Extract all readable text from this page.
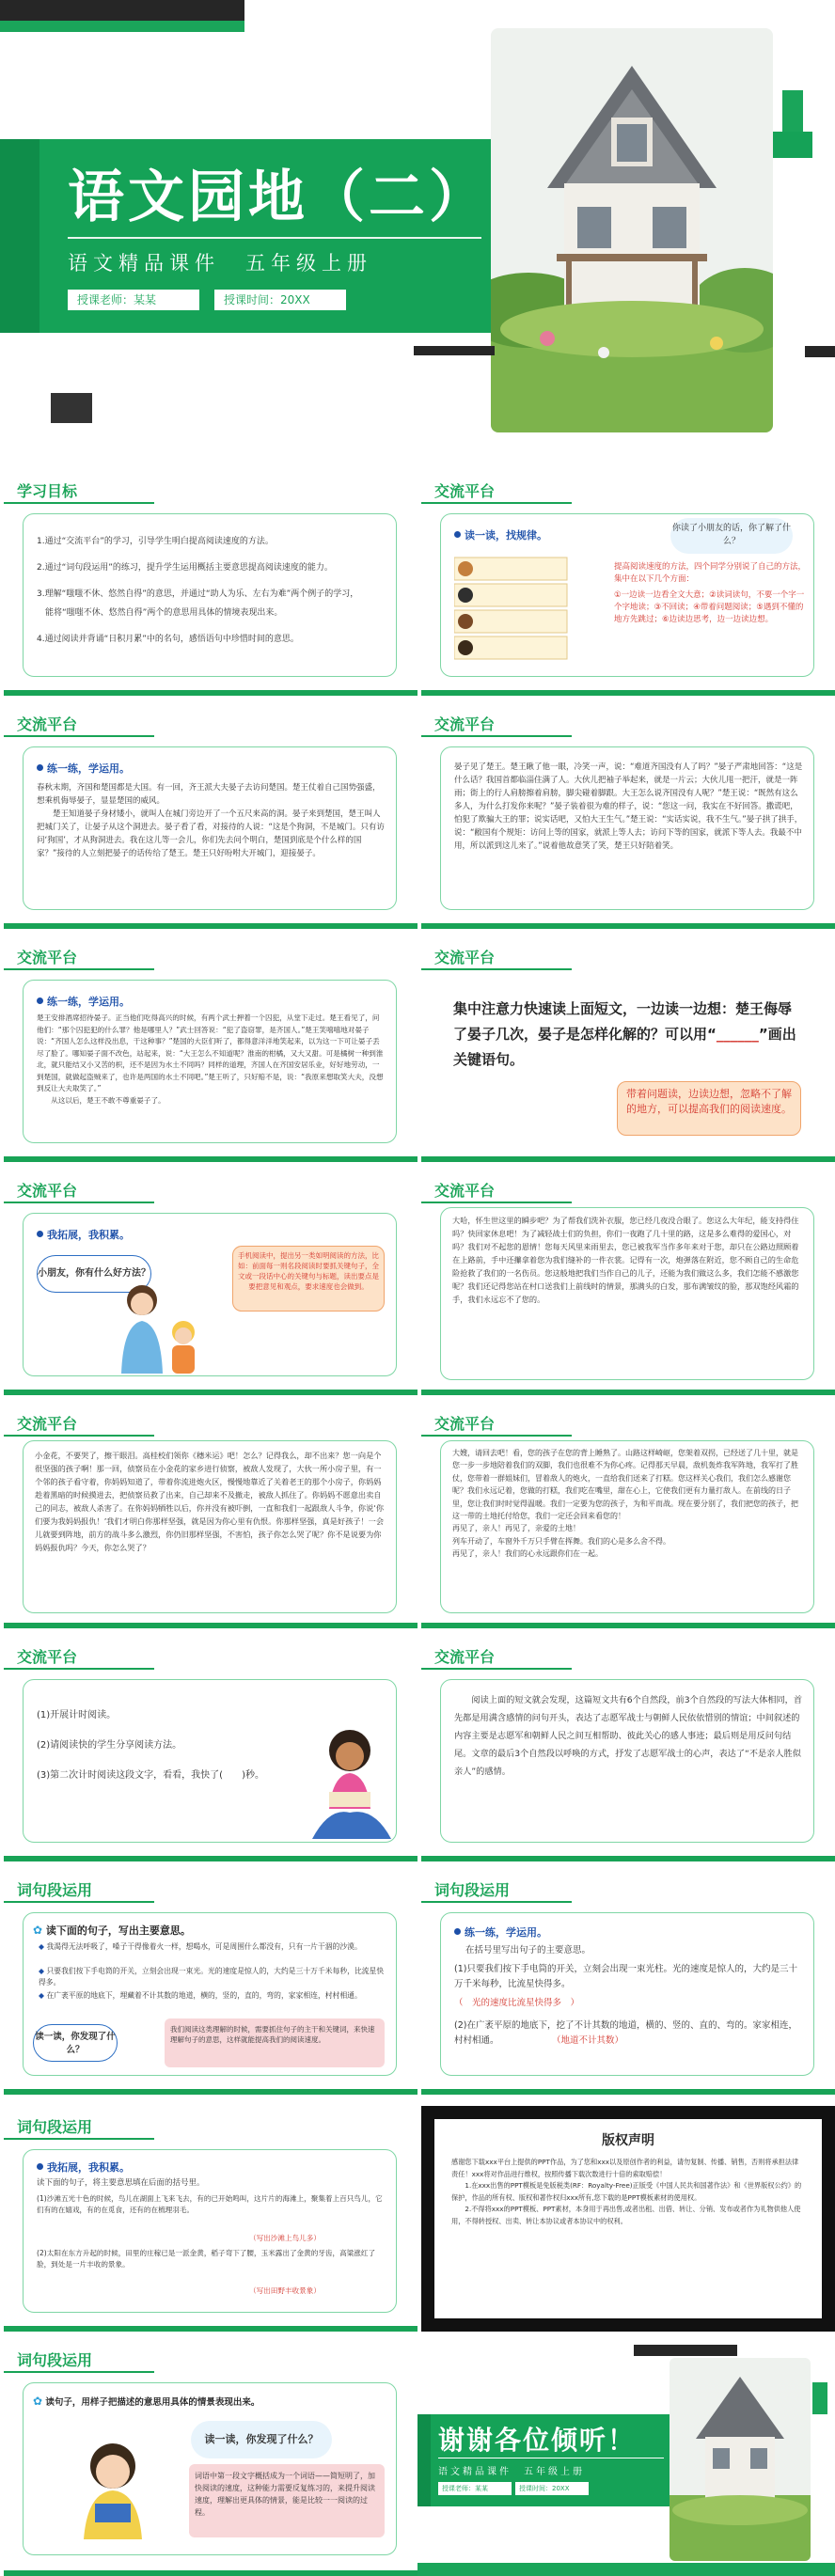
语文园地（二）
语文精品课件　五年级上册
授课老师：某某	授课时间：20XX
学习目标
1.通过“交流平台”的学习，引导学生明白提高阅读速度的方法。
2.通过“词句段运用”的练习，提升学生运用概括主要意思提高阅读速度的能力。
3.理解“嗤嗤不休、悠然自得”的意思，并通过“助人为乐、左右为难”两个例子的学习，
　能将“嗤嗤不休、悠然自得”两个的意思用具体的情境表现出来。
4.通过阅读并背诵“日积月累”中的名句，感悟语句中珍惜时间的意思。
交流平台
读一读，找规律。
你读了小朋友的话，你了解了什么？
提高阅读速度的方法，四个同学分别说了自己的方法，集中在以下几个方面：
①一边读一边看全文大意；②读词读句，不要一个字一个字地读；③不回读；④带着问题阅读；⑤遇到不懂的地方先跳过；⑥边读边思考，边一边读边想。
交流平台
练一练，学运用。
春秋末期，齐国和楚国都是大国。有一回，齐王派大夫晏子去访问楚国。楚王仗着自己国势强盛，想乘机侮辱晏子，显显楚国的威风。
　　楚王知道晏子身材矮小，就叫人在城门旁边开了一个五尺来高的洞。晏子来到楚国，楚王叫人把城门关了，让晏子从这个洞进去。晏子看了看，对接待的人说：“这是个狗洞，不是城门。只有访问‘狗国’，才从狗洞进去。我在这儿等一会儿，你们先去问个明白，楚国到底是个什么样的国家？”接待的人立刻把晏子的话传给了楚王。楚王只好吩咐大开城门，迎接晏子。
交流平台
晏子见了楚王。楚王瞅了他一眼，冷笑一声，说：“难道齐国没有人了吗？”晏子严肃地回答：“这是什么话？我国首都临淄住满了人。大伙儿把袖子举起来，就是一片云；大伙儿甩一把汗，就是一阵雨；街上的行人肩膀擦着肩膀，脚尖碰着脚跟。大王怎么说齐国没有人呢？”楚王说：“既然有这么多人，为什么打发你来呢？”晏子装着很为难的样子，说：“您这一问，我实在不好回答。撒谎吧，怕犯了欺骗大王的罪；说实话吧，又怕大王生气。”楚王说：“实话实说，我不生气。”晏子拱了拱手，说：“敝国有个规矩：访问上等的国家，就派上等人去；访问下等的国家，就派下等人去。我最不中用，所以派到这儿来了。”说着他故意笑了笑，楚王只好陪着笑。
交流平台
练一练，学运用。
楚王安排酒席招待晏子。正当他们吃得高兴的时候，有两个武士押着一个囚犯，从堂下走过。楚王看见了，问他们：“那个囚犯犯的什么罪？他是哪里人？”武士回答说：“犯了盗窃罪，是齐国人。”楚王笑嘻嘻地对晏子说：“齐国人怎么这样没出息，干这种事？”楚国的大臣们听了，都得意洋洋地笑起来，以为这一下可让晏子丢尽了脸了。哪知晏子面不改色，站起来，说：“大王怎么不知道呢？淮南的柑橘，又大又甜。可是橘树一种到淮北，就只能结又小又苦的枳，还不是因为水土不同吗？同样的道理，齐国人在齐国安居乐业，好好地劳动，一到楚国，就做起盗贼来了，也许是两国的水土不同吧。”楚王听了，只好赔不是，说：“我原来想取笑大夫，没想到反让大夫取笑了。”
　　从这以后，楚王不敢不尊重晏子了。
交流平台
集中注意力快速读上面短文，一边读一边想：楚王侮辱了晏子几次，晏子是怎样化解的？可以用“______”画出关键语句。
带着问题读，边读边想，忽略不了解的地方，可以提高我们的阅读速度。
交流平台
我拓展，我积累。
小朋友，你有什么好方法？
手机阅读中，提出另一类如明阅读的方法，比如：前面每一则名段阅读时要抓关键句子，全文或一段话中心的关键句与标题，读出要点是要把意见和观点，要求速度也会做到。
交流平台
大哈，怀生世这里的瞬步吧？为了帮我们洗补衣服，您已经几夜没合眼了。您这么大年纪，能支持得住吗？快回家休息吧！为了减轻战士们的负担，你们一夜跑了几十里的路，这是多么难得的爱国心，对吗？我们对不起您的恩情！您每天风里来雨里去，您已被我军当作多年来对于您，却只在公路边照顾着在上路前，手中还攥拿着您为我们缝补的一件衣裳。记得有一次，炮弹落在附近，您不顾自己的生命危险抢救了我们的一名伤员。您这般地把我们当作自己的儿子，还能为我们做这么多，我们怎能不感激您呢？我们还记得您站在村口送我们上前线时的情景，那满头的白发，那布满皱纹的脸，那双饱经风霜的手，我们永远忘不了您的。
交流平台
小金花，不要哭了，擦干眼泪。高桂校们领你《穗米运》吧！怎么？记得我么，却不出来？您一向是个很坚强的孩子啊！那一回，侦察员在小金花的家乡进行侦察，被敌人发现了，大伙一所小房子里，有一个邻的孩子看守着，你妈妈知道了，带着你流进炮火区，慢慢地靠近了关着老王的那个小房子，你妈妈趁着黑暗的时候摸进去，把侦察员救了出来，自己却来不及撤走，被敌人抓住了。你妈妈不愿意出卖自己的同志，被敌人杀害了。在你妈妈牺牲以后，你并没有被吓倒，一直和我们一起跟敌人斗争，你说‘你们要为我妈妈报仇！’我们才明白你那样坚强，就是因为你心里有仇恨。你那样坚强，真是好孩子！一会儿就要到阵地，前方的战斗多么激烈，你仍旧那样坚强，不害怕，孩子你怎么哭了呢？你不是说要为你妈妈报仇吗？今天，你怎么哭了？
交流平台
大嫂，请回去吧！看，您的孩子在您的背上睡熟了。山路这样崎岖，您架着双拐，已经送了几十里，就是您一步一步地陪着我们的双脚，我们也很难不为你心疼。记得那天早晨，敌机轰炸我军阵地，我军打了胜仗，您带着一群姐妹们，冒着敌人的炮火，一直给我们送来了打糕。您这样关心我们，我们怎么感谢您呢？我们永远记着，您做的打糕，我们吃在嘴里，甜在心上，它使我们更有力量打敌人。在前线的日子里，您让我们时时觉得温暖。我们一定要为您的孩子，为和平而战。现在要分别了，我们把您的孩子，把这一带的土地托付给您，我们一定还会回来看您的！
再见了，亲人！再见了，亲爱的土地！
列车开动了，车窗外千万只手臂在挥舞。我们的心是多么舍不得。
再见了，亲人！我们的心永远跟你们在一起。
交流平台
(1)开展计时阅读。
(2)请阅读快的学生分享阅读方法。
(3)第二次计时阅读这段文字，看看，我快了(　　)秒。
交流平台
阅读上面的短文就会发现，这篇短文共有6个自然段，前3个自然段的写法大体相同，首先都是用满含感情的问句开头，表达了志愿军战士与朝鲜人民依依惜别的情谊；中间叙述的内容主要是志愿军和朝鲜人民之间互相帮助、彼此关心的感人事迹；最后则是用反问句结尾。文章的最后3个自然段以呼唤的方式，抒发了志愿军战士的心声，表达了“不是亲人胜似亲人”的感情。
词句段运用
✿ 读下面的句子，写出主要意思。
◆ 我渴得无法呼吸了，嗓子干得像着火一样，想喝水，可是周围什么都没有，只有一片干涸的沙漠。
◆ 只要我们按下手电筒的开关，立刻会出现一束光。光的速度是惊人的，大约是三十万千米每秒，比流星快得多。
◆ 在广袤平原的地底下，埋藏着不计其数的地道，横的，竖的，直的，弯的，家家相连，村村相通。
读一读，你发现了什么？
我们阅读这类理解的时候，需要抓住句子的主干和关键词，来快速理解句子的意思，这样就能提高我们的阅读速度。
词句段运用
练一练，学运用。
在括号里写出句子的主要意思。
(1)只要我们按下手电筒的开关，立刻会出现一束光柱。光的速度是惊人的，大约是三十万千米每秒，比流星快得多。
（　光的速度比流星快得多　）
(2)在广袤平原的地底下，挖了不计其数的地道，横的、竖的、直的、弯的。家家相连，村村相通。	（地道不计其数）
词句段运用
我拓展，我积累。
读下面的句子，将主要意思填在后面的括号里。
(1)沙滩五光十色的时候，鸟儿在湖面上飞来飞去，有的已开始鸣叫，这片片的海滩上，聚集着上百只鸟儿，它们有的在嬉戏，有的在觅食，还有的在梳理羽毛。
（写出沙滩上鸟儿多）
(2)太阳在东方升起的时候，田里的庄稼已是一派金黄，稻子弯下了腰，玉米露出了金黄的牙齿，高粱涨红了脸，到处是一片丰收的景象。
（写出田野丰收景象）
版权声明
感谢您下载xxx平台上提供的PPT作品，为了您和xxx以及原创作者的利益，请勿复制、传播、销售，否则将承担法律责任！xxx将对作品进行维权，按照传播下载次数进行十倍的索取赔偿！
　　1.在xxx出售的PPT模板是免版税类(RF：Royalty-Free)正版受《中国人民共和国著作法》和《世界版权公约》的保护，作品的所有权、版权和著作权归xxx所有,您下载的是PPT模板素材的使用权。
　　2.不得将xxx的PPT模板、PPT素材，本身用于再出售,或者出租、出借、转让、分销、发布或者作为礼物供他人使用，不得转授权、出卖、转让本协议或者本协议中的权利。
词句段运用
✿ 读句子，用样子把描述的意思用具体的情景表现出来。
读一读，你发现了什么？
词语中第一段文字概括成为一个词语——简短明了，加快阅读的速度，这种能力需要反复练习的，来提升阅读速度，理解出更具体的情景，能是比较一一阅读的过程。
谢谢各位倾听！
语文精品课件　五年级上册
授课老师：某某	授课时间：20XX
